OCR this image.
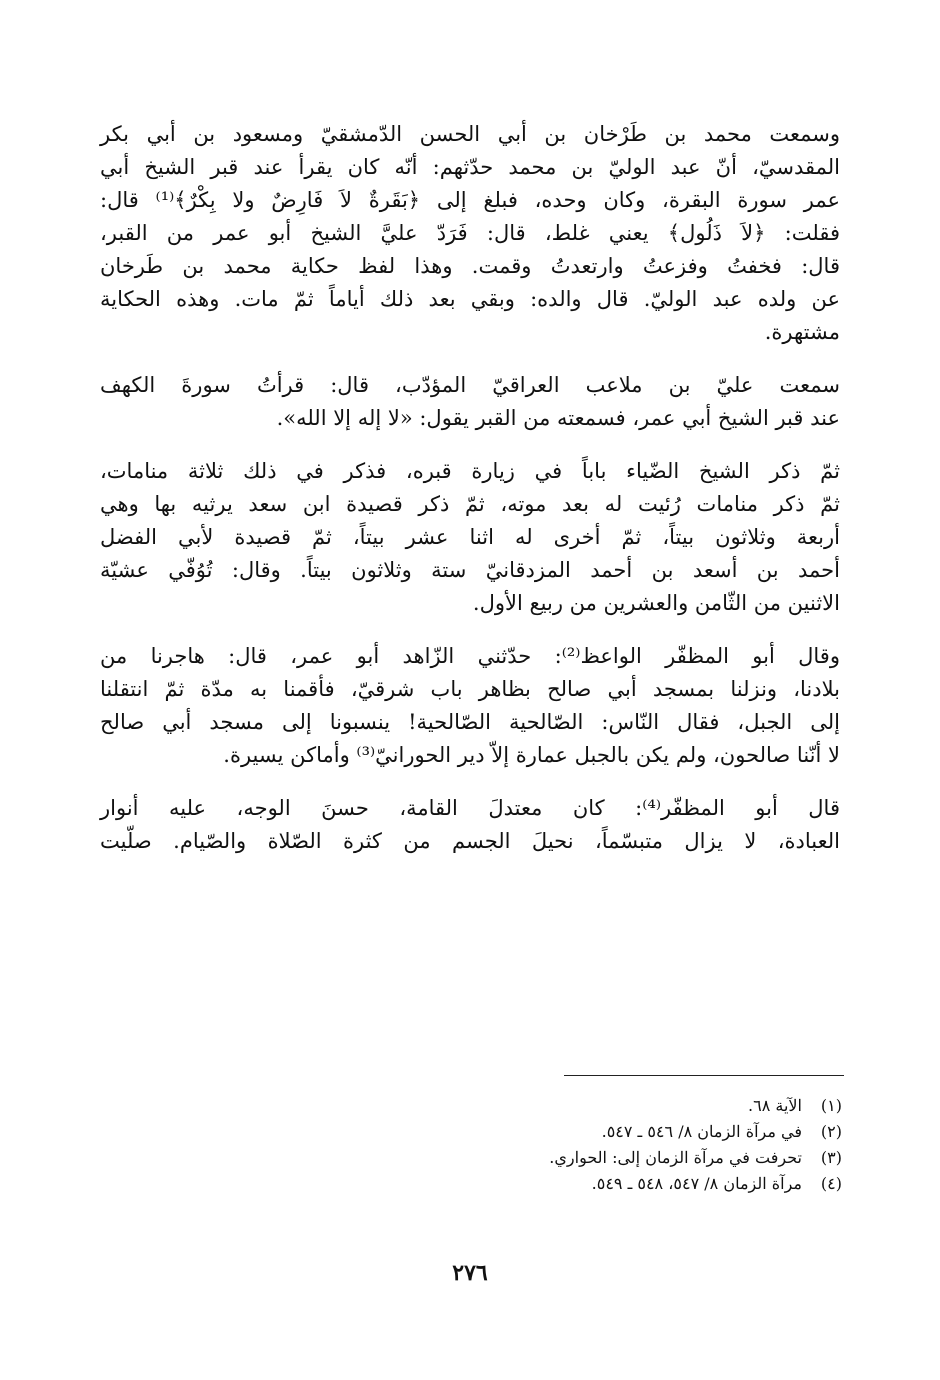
وسمعت محمد بن طَرْخان بن أبي الحسن الدّمشقيّ ومسعود بن أبي بكر
المقدسيّ، أنّ عبد الوليّ بن محمد حدّثهم: أنّه كان يقرأ عند قبر الشيخ أبي
عمر سورة البقرة، وكان وحده، فبلغ إلى ﴿بَقَرةٌ لاَ فَارِضٌ ولا بِكْرٌ﴾⁽¹⁾ قال:
فقلت: ﴿لاَ ذَلُول﴾ يعني غلط، قال: فَرَدّ عليَّ الشيخ أبو عمر من القبر،
قال: فخفتُ وفزعتُ وارتعدتُ وقمت. وهذا لفظ حكاية محمد بن طَرخان
عن ولده عبد الوليّ. قال والده: وبقي بعد ذلك أياماً ثمّ مات. وهذه الحكاية
مشتهرة.

سمعت عليّ بن ملاعب العراقيّ المؤدّب، قال: قرأتُ سورةَ الكهف
عند قبر الشيخ أبي عمر، فسمعته من القبر يقول: «لا إله إلا الله».

ثمّ ذكر الشيخ الضّياء باباً في زيارة قبره، فذكر في ذلك ثلاثة منامات،
ثمّ ذكر منامات رُئيت له بعد موته، ثمّ ذكر قصيدة ابن سعد يرثيه بها وهي
أربعة وثلاثون بيتاً، ثمّ أخرى له اثنا عشر بيتاً، ثمّ قصيدة لأبي الفضل
أحمد بن أسعد بن أحمد المزدقانيّ ستة وثلاثون بيتاً. وقال: تُوُفّي عشيّة
الاثنين من الثّامن والعشرين من ربيع الأول.

وقال أبو المظفّر الواعظ⁽²⁾: حدّثني الزّاهد أبو عمر، قال: هاجرنا من
بلادنا، ونزلنا بمسجد أبي صالح بظاهر باب شرقيّ، فأقمنا به مدّة ثمّ انتقلنا
إلى الجبل، فقال النّاس: الصّالحية الصّالحية! ينسبونا إلى مسجد أبي صالح
لا أنّنا صالحون، ولم يكن بالجبل عمارة إلاّ دير الحورانيّ⁽³⁾ وأماكن يسيرة.

قال أبو المظفّر⁽⁴⁾: كان معتدلَ القامة، حسنَ الوجه، عليه أنوار
العبادة، لا يزال متبسّماً، نحيلَ الجسم من كثرة الصّلاة والصّيام. صلّيت

(١)
الآية ٦٨.
(٢)
في مرآة الزمان ٨/ ٥٤٦ ـ ٥٤٧.
(٣)
تحرفت في مرآة الزمان إلى: الحواري.
(٤)
مرآة الزمان ٨/ ٥٤٧، ٥٤٨ ـ ٥٤٩.
٢٧٦
